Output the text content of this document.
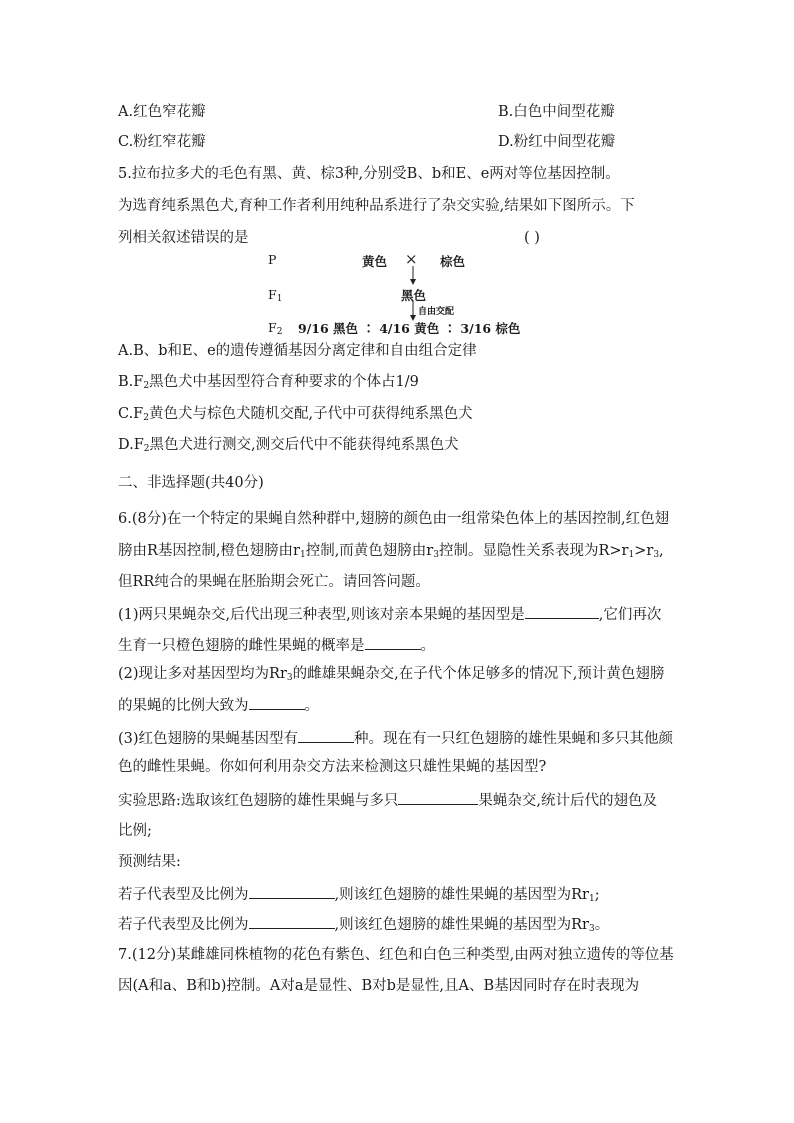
A.红色窄花瓣	B.白色中间型花瓣
C.粉红窄花瓣	D.粉红中间型花瓣
5.拉布拉多犬的毛色有黑、黄、棕3种,分别受B、b和E、e两对等位基因控制。
为选育纯系黑色犬,育种工作者利用纯种品系进行了杂交实验,结果如下图所示。下
列相关叙述错误的是	( )
P	黄色 × 棕色
$F_1$	黑色
自由交配
$F_2$ 9/16 黑色 ∶ 4/16 黄色 ∶ 3/16 棕色
A.B、b和E、e的遗传遵循基因分离定律和自由组合定律
$B.F_2$黑色犬中基因型符合育种要求的个体占1/9
$C.F_2$黄色犬与棕色犬随机交配,子代中可获得纯系黑色犬
$D.F_2$黑色犬进行测交,测交后代中不能获得纯系黑色犬
二、非选择题(共40分)
6.(8分)在一个特定的果蝇自然种群中,翅膀的颜色由一组常染色体上的基因控制,红色翅
膀由R基因控制,橙色翅膀由$r_1$控制,而黄色翅膀由$r_3$控制。显隐性关系表现为$R>r_1>r_3$,
但RR纯合的果蝇在胚胎期会死亡。请回答问题。
(1)两只果蝇杂交,后代出现三种表型,则该对亲本果蝇的基因型是	,它们再次
生育一只橙色翅膀的雌性果蝇的概率是	。
(2)现让多对基因型均为$Rr_3$的雌雄果蝇杂交,在子代个体足够多的情况下,预计黄色翅膀
的果蝇的比例大致为	。
(3)红色翅膀的果蝇基因型有	种。现在有一只红色翅膀的雄性果蝇和多只其他颜
色的雌性果蝇。你如何利用杂交方法来检测这只雄性果蝇的基因型?
实验思路:选取该红色翅膀的雄性果蝇与多只	果蝇杂交,统计后代的翅色及
比例;
预测结果:
若子代表型及比例为	,则该红色翅膀的雄性果蝇的基因型为$Rr_1$;
若子代表型及比例为	,则该红色翅膀的雄性果蝇的基因型为$Rr_3$。
7.(12分)某雌雄同株植物的花色有紫色、红色和白色三种类型,由两对独立遗传的等位基
因(A和a、B和b)控制。A对a是显性、B对b是显性,且A、B基因同时存在时表现为
